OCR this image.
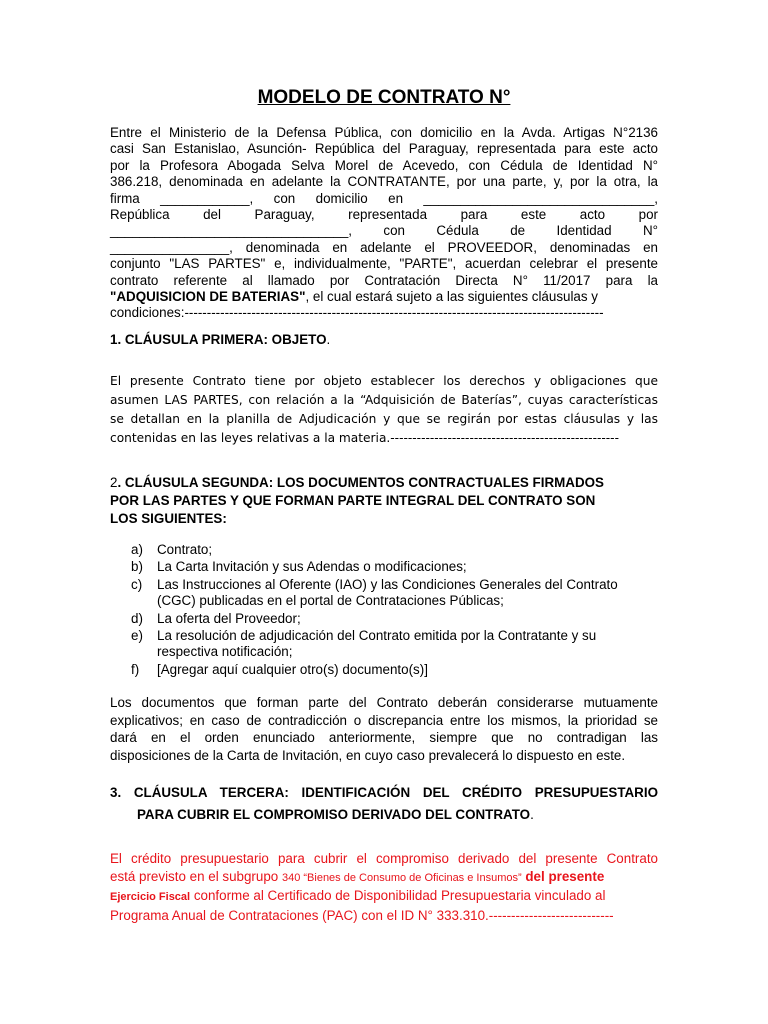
MODELO DE CONTRATO N°
Entre el Ministerio de la Defensa Pública, con domicilio en la Avda. Artigas N°2136
casi San Estanislao, Asunción- República del Paraguay, representada para este acto
por la Profesora Abogada Selva Morel de Acevedo, con Cédula de Identidad N°
386.218, denominada en adelante la CONTRATANTE, por una parte, y, por la otra, la
firma ____________, con domicilio en _______________________________,
República del Paraguay, representada para este acto por
________________________________, con Cédula de Identidad N°
________________, denominada en adelante el PROVEEDOR, denominadas en
conjunto "LAS PARTES" e, individualmente, "PARTE", acuerdan celebrar el presente
contrato referente al llamado por Contratación Directa N° 11/2017 para la
"ADQUISICION DE BATERIAS", el cual estará sujeto a las siguientes cláusulas y
condiciones:----------------------------------------------------------------------------------------------
1. CLÁUSULA PRIMERA: OBJETO.
El presente Contrato tiene por objeto establecer los derechos y obligaciones que
asumen LAS PARTES, con relación a la “Adquisición de Baterías”, cuyas características
se detallan en la planilla de Adjudicación y que se regirán por estas cláusulas y las
contenidas en las leyes relativas a la materia.----------------------------------------------------
2. CLÁUSULA SEGUNDA: LOS DOCUMENTOS CONTRACTUALES FIRMADOS
POR LAS PARTES Y QUE FORMAN PARTE INTEGRAL DEL CONTRATO SON
LOS SIGUIENTES:
a)	Contrato;
b)	La Carta Invitación y sus Adendas o modificaciones;
c)	Las Instrucciones al Oferente (IAO) y las Condiciones Generales del Contrato
(CGC) publicadas en el portal de Contrataciones Públicas;
d)	La oferta del Proveedor;
e)	La resolución de adjudicación del Contrato emitida por la Contratante y su
respectiva notificación;
f)	[Agregar aquí cualquier otro(s) documento(s)]
Los documentos que forman parte del Contrato deberán considerarse mutuamente
explicativos; en caso de contradicción o discrepancia entre los mismos, la prioridad se
dará en el orden enunciado anteriormente, siempre que no contradigan las
disposiciones de la Carta de Invitación, en cuyo caso prevalecerá lo dispuesto en este.
3. CLÁUSULA TERCERA: IDENTIFICACIÓN DEL CRÉDITO PRESUPUESTARIO
PARA CUBRIR EL COMPROMISO DERIVADO DEL CONTRATO.
El crédito presupuestario para cubrir el compromiso derivado del presente Contrato
está previsto en el subgrupo 340 “Bienes de Consumo de Oficinas e Insumos” del presente
Ejercicio Fiscal conforme al Certificado de Disponibilidad Presupuestaria vinculado al
Programa Anual de Contrataciones (PAC) con el ID N° 333.310.----------------------------
